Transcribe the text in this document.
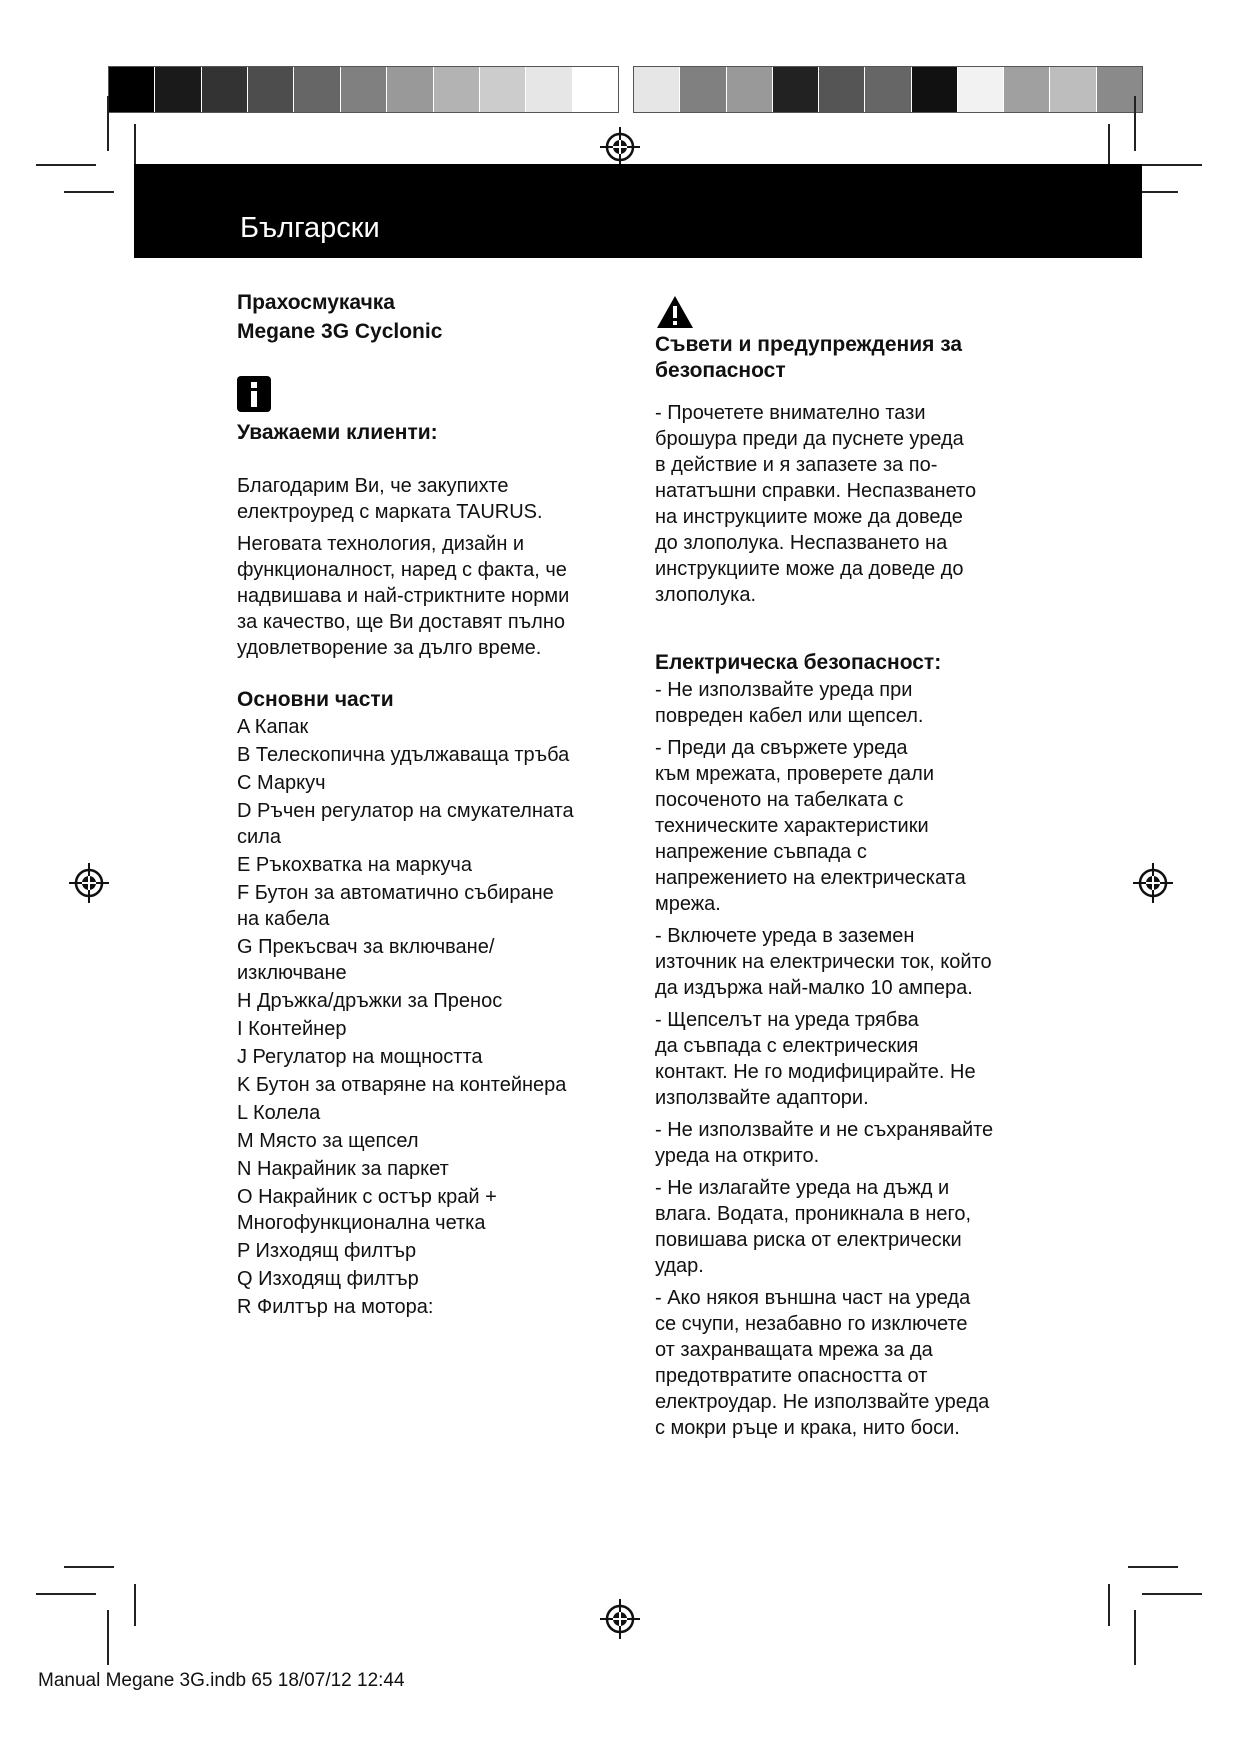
Български

Прахосмукачка
Megane 3G Cyclonic

Уважаеми клиенти:

Благодарим Ви, че закупихте
електроуред с марката TAURUS.

Неговата технология, дизайн и
функционалност, наред с факта, че
надвишава и най-стриктните норми
за качество, ще Ви доставят пълно
удовлетворение за дълго време.

Основни части

A Капак

B Телескопична удължаваща тръба

C Маркуч

D Ръчен регулатор на смукателната
сила

E Ръкохватка на маркуча

F Бутон за автоматично събиране
на кабела

G Прекъсвач за включване/
изключване

H Дръжка/дръжки за Пренос

I Контейнер

J Регулатор на мощността

K Бутон за отваряне на контейнера

L Колела

M Място за щепсел

N Накрайник за паркет

O Накрайник с остър край +
Многофункционална четка

P Изходящ филтър

Q Изходящ филтър

R Филтър на мотора:

Съвети и предупреждения за
безопасност

- Прочетете внимателно тази
брошура преди да пуснете уреда
в действие и я запазете за по-
нататъшни справки. Неспазването
на инструкциите може да доведе
до злополука. Неспазването на
инструкциите може да доведе до
злополука.

Електрическа безопасност:

- Не използвайте уреда при
повреден кабел или щепсел.

- Преди да свържете уреда
към мрежата, проверете дали
посоченото на табелката с
техническите характеристики
напрежение съвпада с
напрежението на електрическата
мрежа.

- Включете уреда в заземен
източник на електрически ток, който
да издържа най-малко 10 ампера.

- Щепселът на уреда трябва
да съвпада с електрическия
контакт. Не го модифицирайте. Не
използвайте адаптори.

- Не използвайте и не съхранявайте
уреда на открито.

- Не излагайте уреда на дъжд и
влага. Водата, проникнала в него,
повишава риска от електрически
удар.

- Ако някоя външна част на уреда
се счупи, незабавно го изключете
от захранващата мрежа за да
предотвратите опасността от
електроудар. Не използвайте уреда
с мокри ръце и крака, нито боси.

Manual Megane 3G.indb 65 18/07/12 12:44
